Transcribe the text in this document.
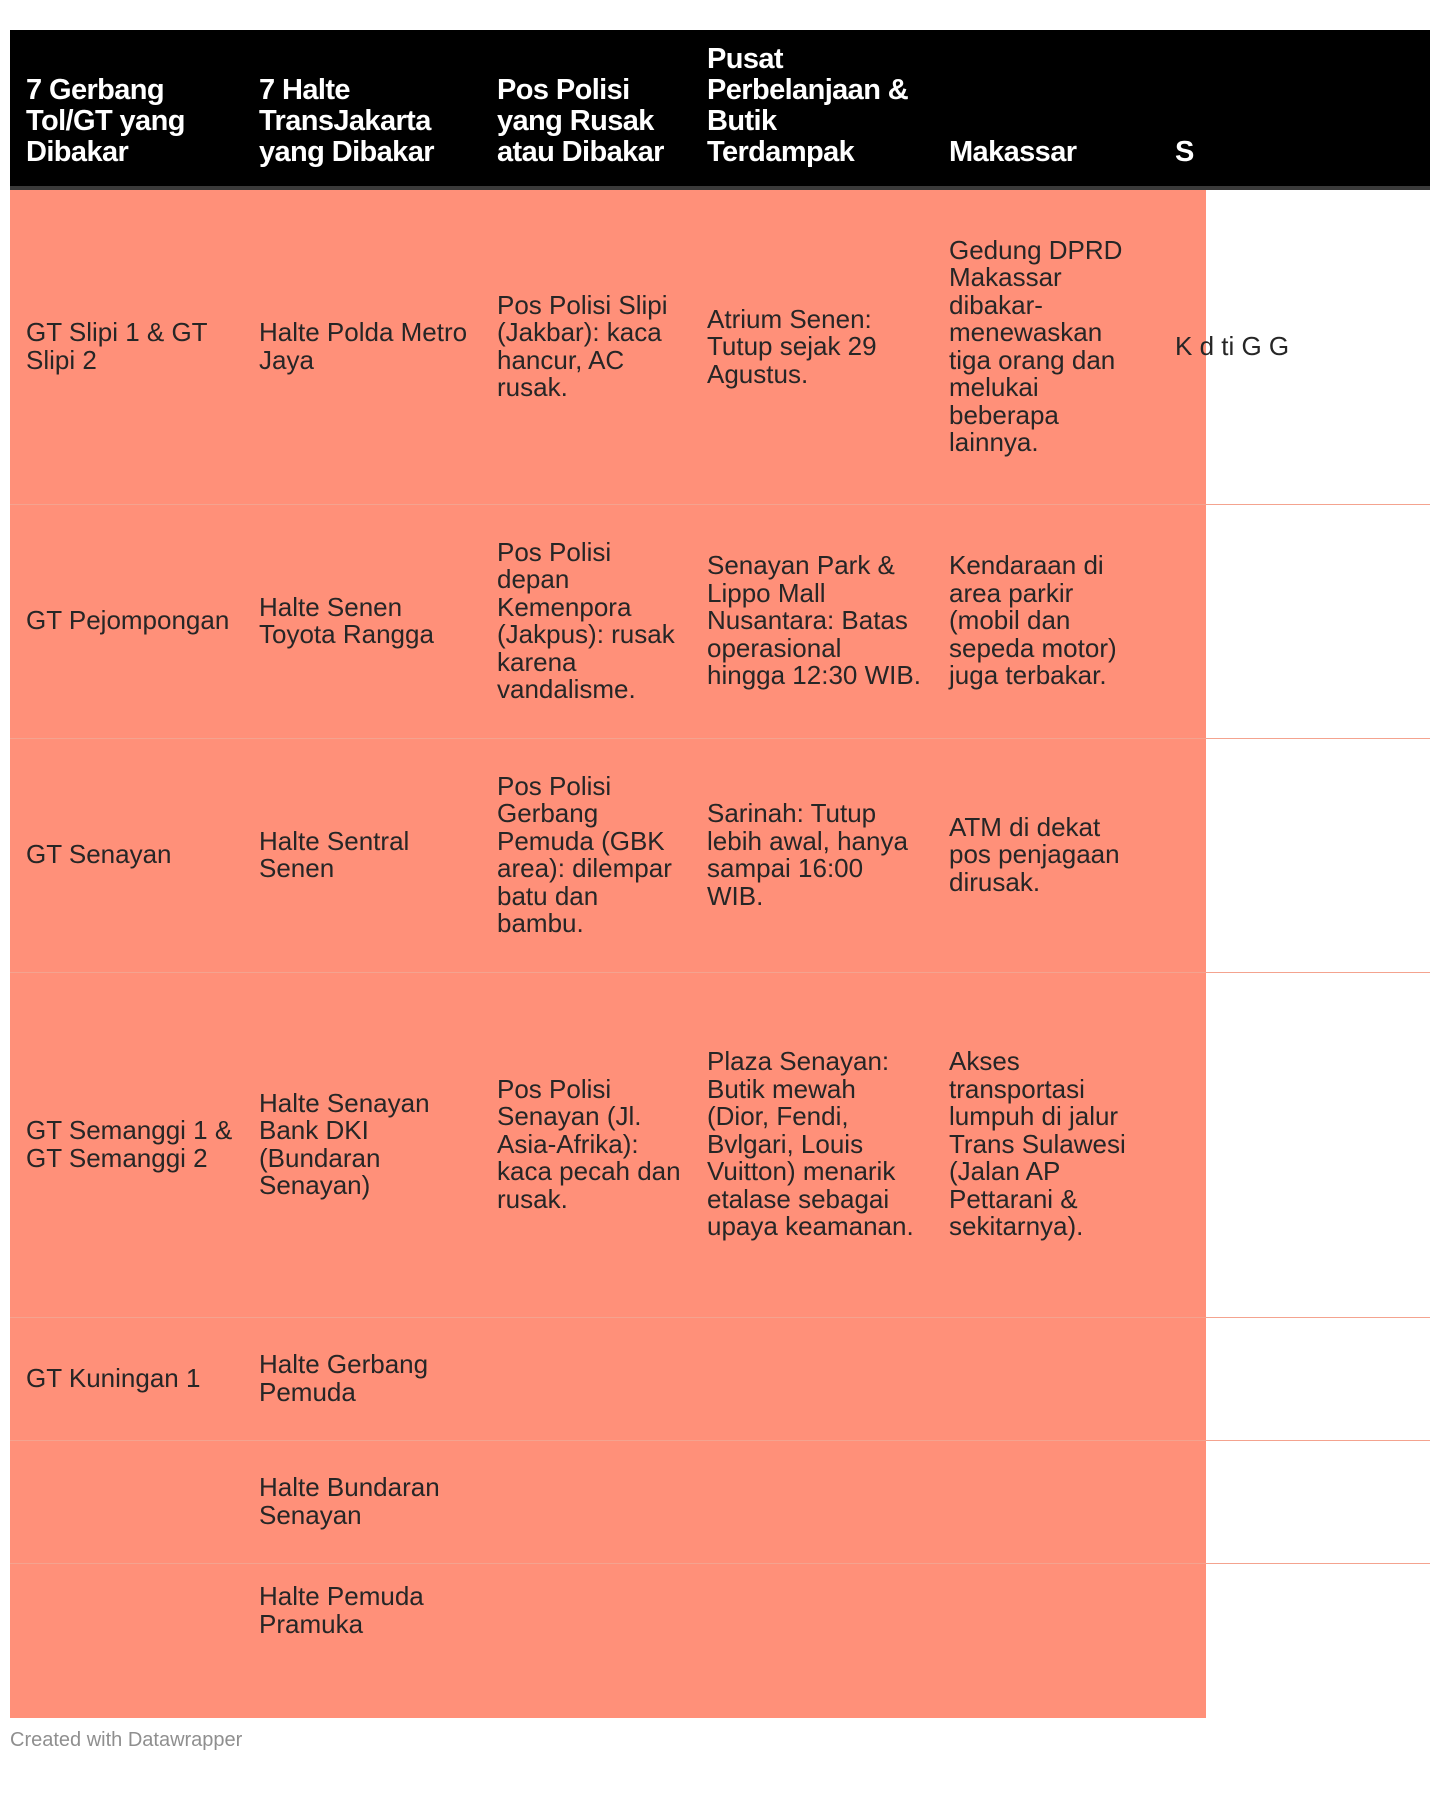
7 Gerbang Tol/GT yang Dibakar	7 Halte TransJakarta yang Dibakar	Pos Polisi yang Rusak atau Dibakar	Pusat Perbelanjaan & Butik Terdampak	Makassar	S
GT Slipi 1 & GT Slipi 2	Halte Polda Metro Jaya	Pos Polisi Slipi (Jakbar): kaca hancur, AC rusak.	Atrium Senen: Tutup sejak 29 Agustus.	Gedung DPRD Makassar dibakar- menewaskan tiga orang dan melukai beberapa lainnya.	K d ti G G
GT Pejompongan	Halte Senen Toyota Rangga	Pos Polisi depan Kemenpora (Jakpus): rusak karena vandalisme.	Senayan Park & Lippo Mall Nusantara: Batas operasional hingga 12:30 WIB.	Kendaraan di area parkir (mobil dan sepeda motor) juga terbakar.	
GT Senayan	Halte Sentral Senen	Pos Polisi Gerbang Pemuda (GBK area): dilempar batu dan bambu.	Sarinah: Tutup lebih awal, hanya sampai 16:00 WIB.	ATM di dekat pos penjagaan dirusak.	
GT Semanggi 1 & GT Semanggi 2	Halte Senayan Bank DKI (Bundaran Senayan)	Pos Polisi Senayan (Jl. Asia-Afrika): kaca pecah dan rusak.	Plaza Senayan: Butik mewah (Dior, Fendi, Bvlgari, Louis Vuitton) menarik etalase sebagai upaya keamanan.	Akses transportasi lumpuh di jalur Trans Sulawesi (Jalan AP Pettarani & sekitarnya).	
GT Kuningan 1	Halte Gerbang Pemuda				
	Halte Bundaran Senayan				
	Halte Pemuda Pramuka				
Created with Datawrapper
